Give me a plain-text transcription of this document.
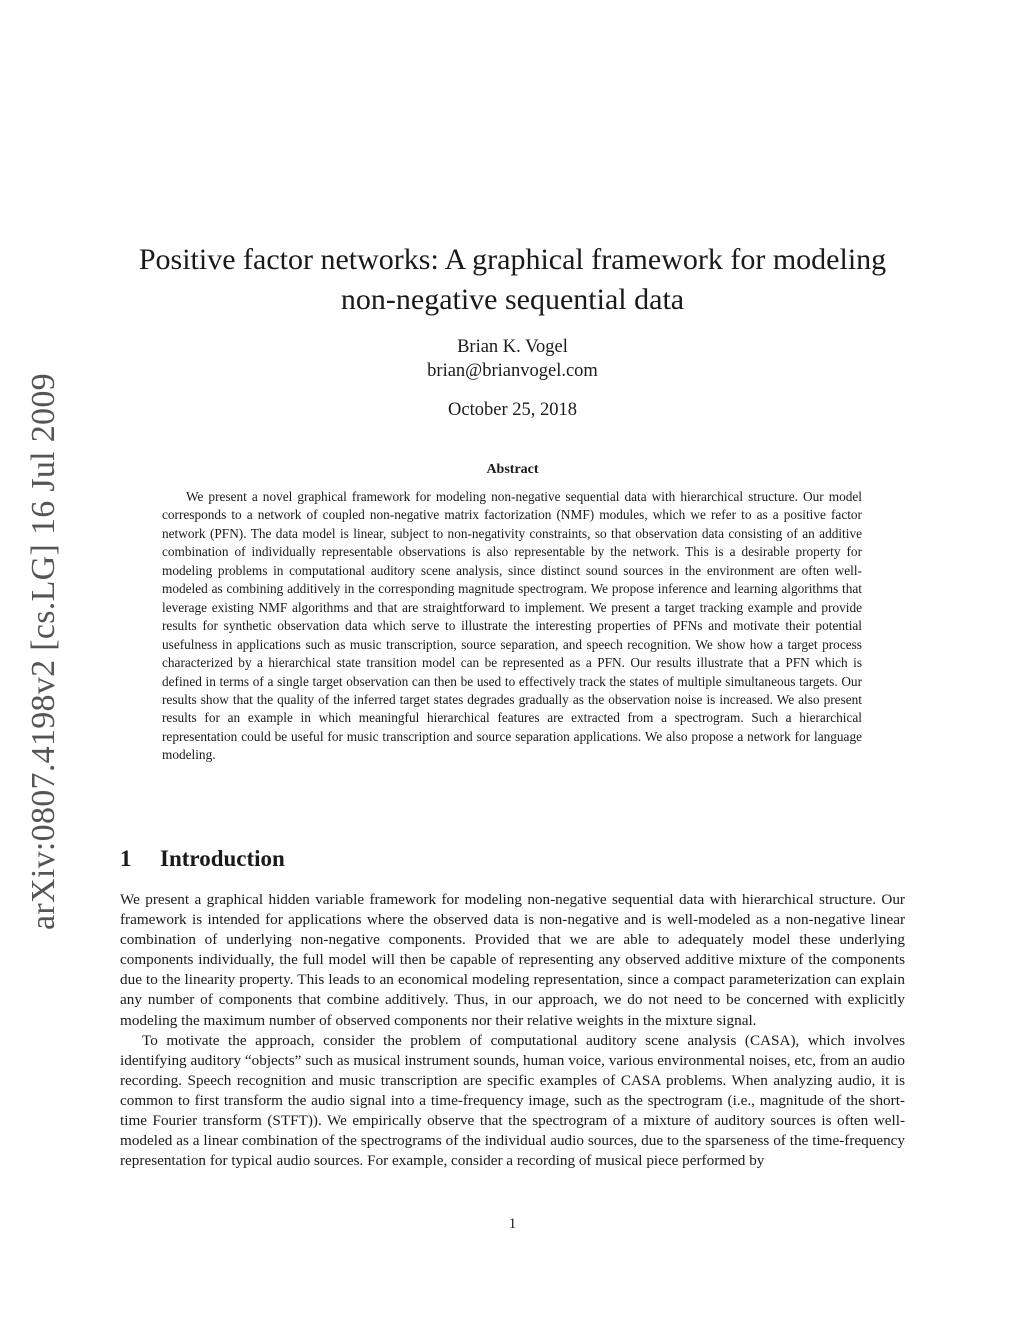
arXiv:0807.4198v2 [cs.LG] 16 Jul 2009
Positive factor networks: A graphical framework for modeling
non-negative sequential data
Brian K. Vogel
brian@brianvogel.com
October 25, 2018
Abstract

We present a novel graphical framework for modeling non-negative sequential data with hierarchical structure. Our model corresponds to a network of coupled non-negative matrix factorization (NMF) modules, which we refer to as a positive factor network (PFN). The data model is linear, subject to non-negativity constraints, so that observation data consisting of an additive combination of individually representable observations is also representable by the network. This is a desirable property for modeling problems in computational auditory scene analysis, since distinct sound sources in the environment are often well-modeled as combining additively in the corresponding magnitude spectrogram. We propose inference and learning algorithms that leverage existing NMF algorithms and that are straightforward to implement. We present a target tracking example and provide results for synthetic observation data which serve to illustrate the interesting properties of PFNs and motivate their potential usefulness in applications such as music transcription, source separation, and speech recognition. We show how a target process characterized by a hierarchical state transition model can be represented as a PFN. Our results illustrate that a PFN which is defined in terms of a single target observation can then be used to effectively track the states of multiple simultaneous targets. Our results show that the quality of the inferred target states degrades gradually as the observation noise is increased. We also present results for an example in which meaningful hierarchical features are extracted from a spectrogram. Such a hierarchical representation could be useful for music transcription and source separation applications. We also propose a network for language modeling.

1 Introduction

We present a graphical hidden variable framework for modeling non-negative sequential data with hierarchical structure. Our framework is intended for applications where the observed data is non-negative and is well-modeled as a non-negative linear combination of underlying non-negative components. Provided that we are able to adequately model these underlying components individually, the full model will then be capable of representing any observed additive mixture of the components due to the linearity property. This leads to an economical modeling representation, since a compact parameterization can explain any number of components that combine additively. Thus, in our approach, we do not need to be concerned with explicitly modeling the maximum number of observed components nor their relative weights in the mixture signal.

To motivate the approach, consider the problem of computational auditory scene analysis (CASA), which involves identifying auditory “objects” such as musical instrument sounds, human voice, various environmental noises, etc, from an audio recording. Speech recognition and music transcription are specific examples of CASA problems. When analyzing audio, it is common to first transform the audio signal into a time-frequency image, such as the spectrogram (i.e., magnitude of the short-time Fourier transform (STFT)). We empirically observe that the spectrogram of a mixture of auditory sources is often well-modeled as a linear combination of the spectrograms of the individual audio sources, due to the sparseness of the time-frequency representation for typical audio sources. For example, consider a recording of musical piece performed by

1
